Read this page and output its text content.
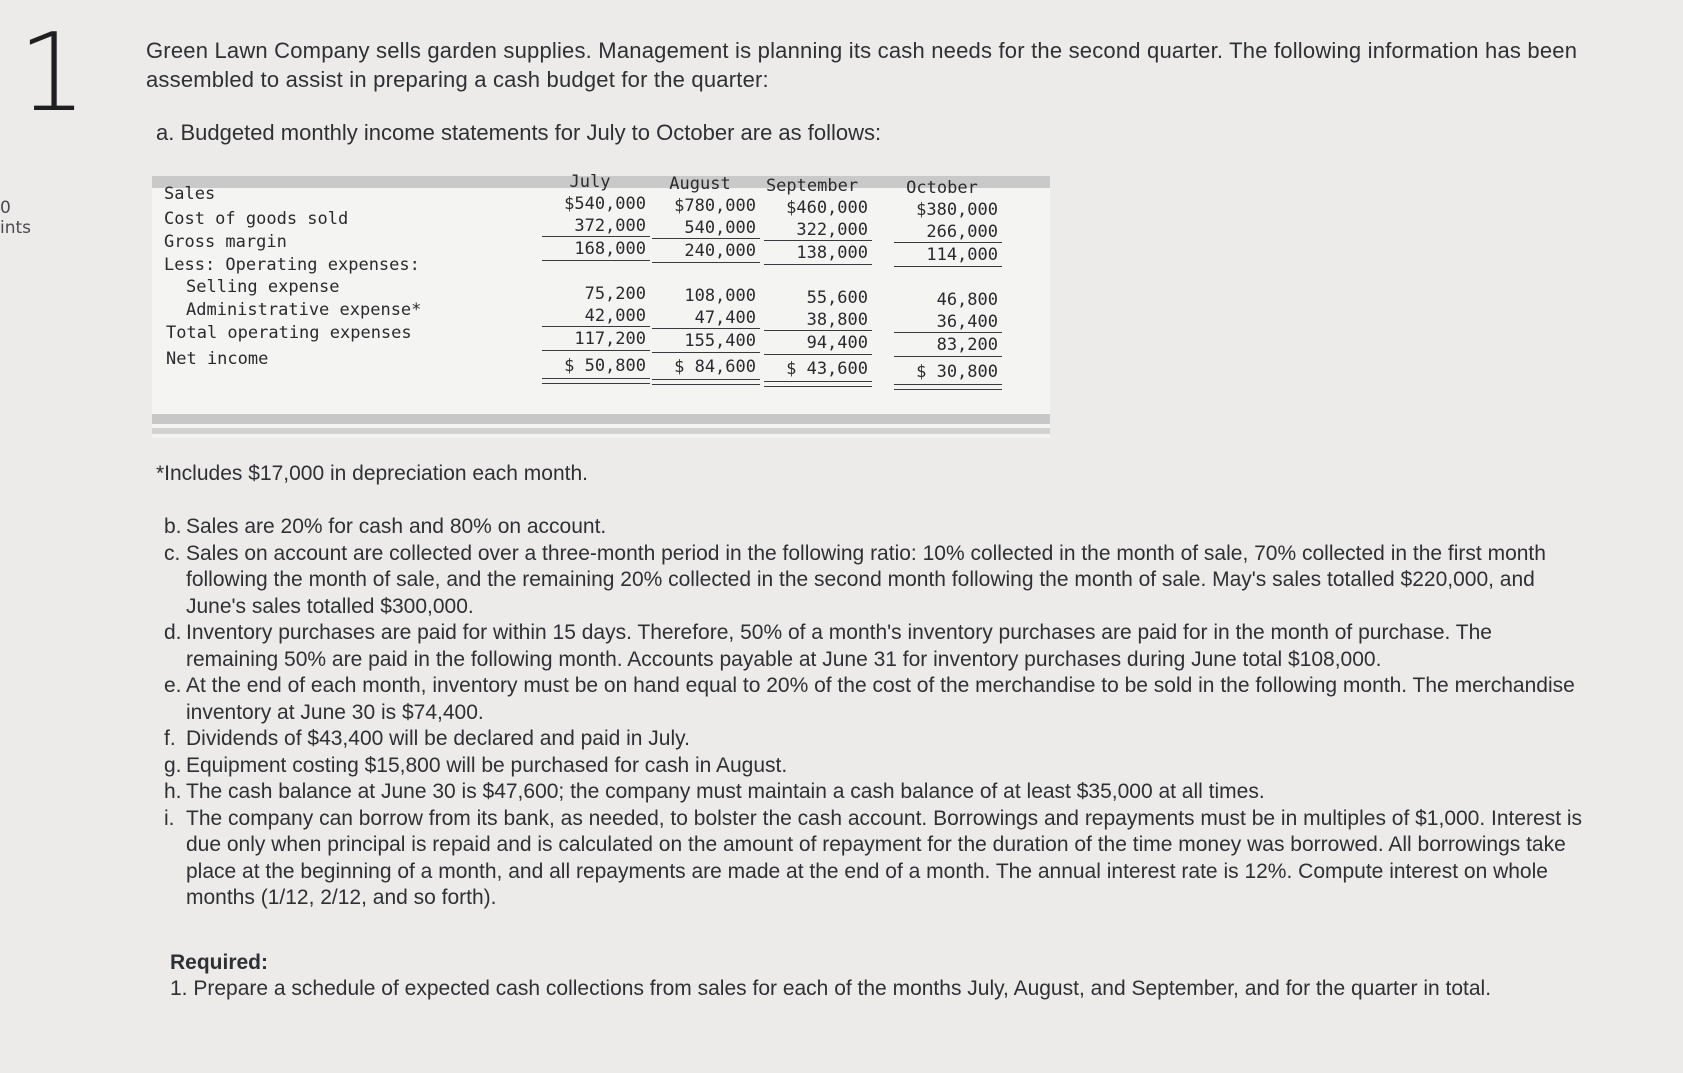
1
0
ints
Green Lawn Company sells garden supplies. Management is planning its cash needs for the second quarter. The following information has been assembled to assist in preparing a cash budget for the quarter:
a. Budgeted monthly income statements for July to October are as follows:
Sales
Cost of goods sold
Gross margin
Less: Operating expenses:
Selling expense
Administrative expense*
Total operating expenses
Net income
July
$540,000
372,000
168,000
75,200
42,000
117,200
$ 50,800
August
$780,000
540,000
240,000
108,000
47,400
155,400
$ 84,600
September
$460,000
322,000
138,000
55,600
38,800
94,400
$ 43,600
October
$380,000
266,000
114,000
46,800
36,400
83,200
$ 30,800
*Includes $17,000 in depreciation each month.
b. Sales are 20% for cash and 80% on account.
c. Sales on account are collected over a three-month period in the following ratio: 10% collected in the month of sale, 70% collected in the first month following the month of sale, and the remaining 20% collected in the second month following the month of sale. May's sales totalled $220,000, and June's sales totalled $300,000.
d. Inventory purchases are paid for within 15 days. Therefore, 50% of a month's inventory purchases are paid for in the month of purchase. The remaining 50% are paid in the following month. Accounts payable at June 31 for inventory purchases during June total $108,000.
e. At the end of each month, inventory must be on hand equal to 20% of the cost of the merchandise to be sold in the following month. The merchandise inventory at June 30 is $74,400.
f. Dividends of $43,400 will be declared and paid in July.
g. Equipment costing $15,800 will be purchased for cash in August.
h. The cash balance at June 30 is $47,600; the company must maintain a cash balance of at least $35,000 at all times.
i. The company can borrow from its bank, as needed, to bolster the cash account. Borrowings and repayments must be in multiples of $1,000. Interest is due only when principal is repaid and is calculated on the amount of repayment for the duration of the time money was borrowed. All borrowings take place at the beginning of a month, and all repayments are made at the end of a month. The annual interest rate is 12%. Compute interest on whole months (1/12, 2/12, and so forth).
Required:
1. Prepare a schedule of expected cash collections from sales for each of the months July, August, and September, and for the quarter in total.
